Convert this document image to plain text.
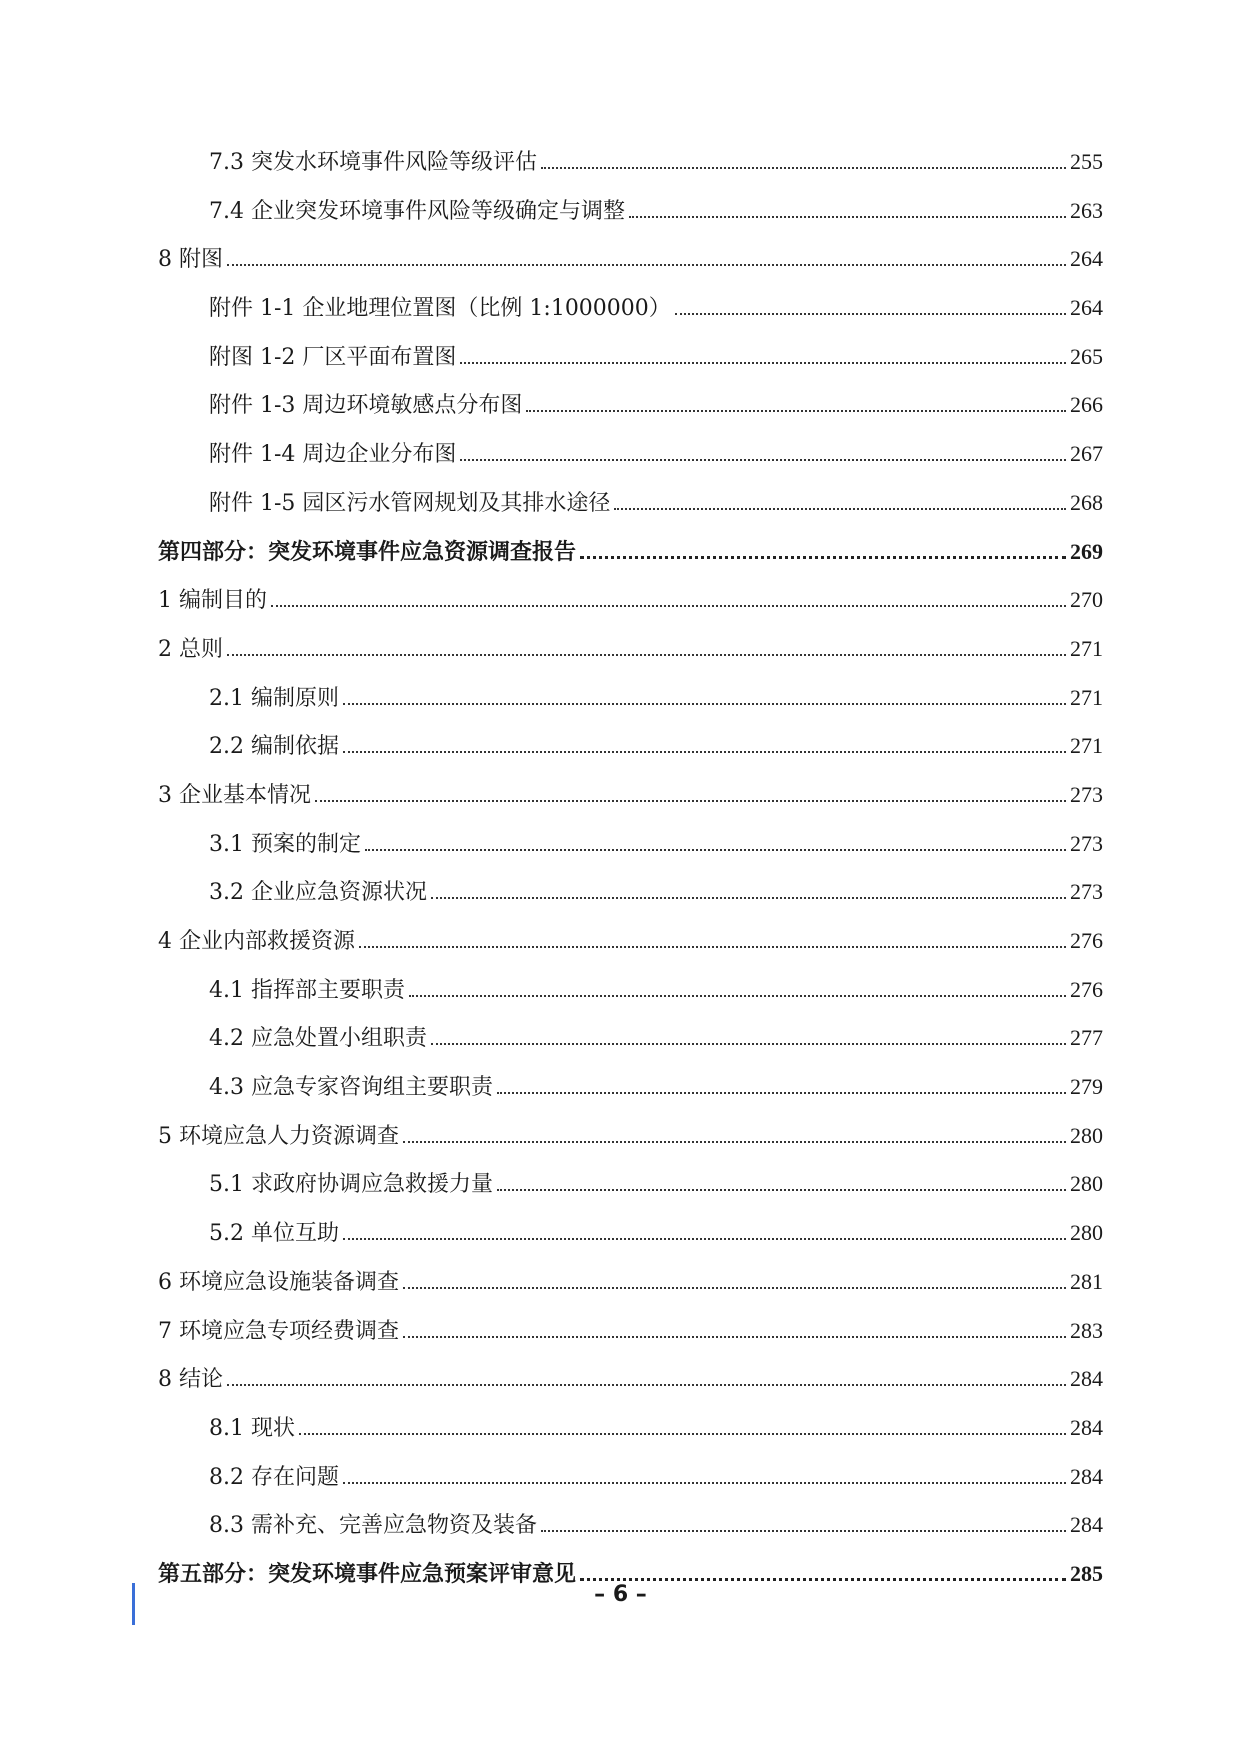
7.3 突发水环境事件风险等级评估	255
7.4 企业突发环境事件风险等级确定与调整	263
8 附图	264
附件 1-1 企业地理位置图（比例 1:1000000）	264
附图 1-2 厂区平面布置图	265
附件 1-3 周边环境敏感点分布图	266
附件 1-4 周边企业分布图	267
附件 1-5 园区污水管网规划及其排水途径	268
第四部分：突发环境事件应急资源调查报告	269
1 编制目的	270
2 总则	271
2.1 编制原则	271
2.2 编制依据	271
3 企业基本情况	273
3.1 预案的制定	273
3.2 企业应急资源状况	273
4 企业内部救援资源	276
4.1 指挥部主要职责	276
4.2 应急处置小组职责	277
4.3 应急专家咨询组主要职责	279
5 环境应急人力资源调查	280
5.1 求政府协调应急救援力量	280
5.2 单位互助	280
6 环境应急设施装备调查	281
7 环境应急专项经费调查	283
8 结论	284
8.1 现状	284
8.2 存在问题	284
8.3 需补充、完善应急物资及装备	284
第五部分：突发环境事件应急预案评审意见	285
– 6 –
